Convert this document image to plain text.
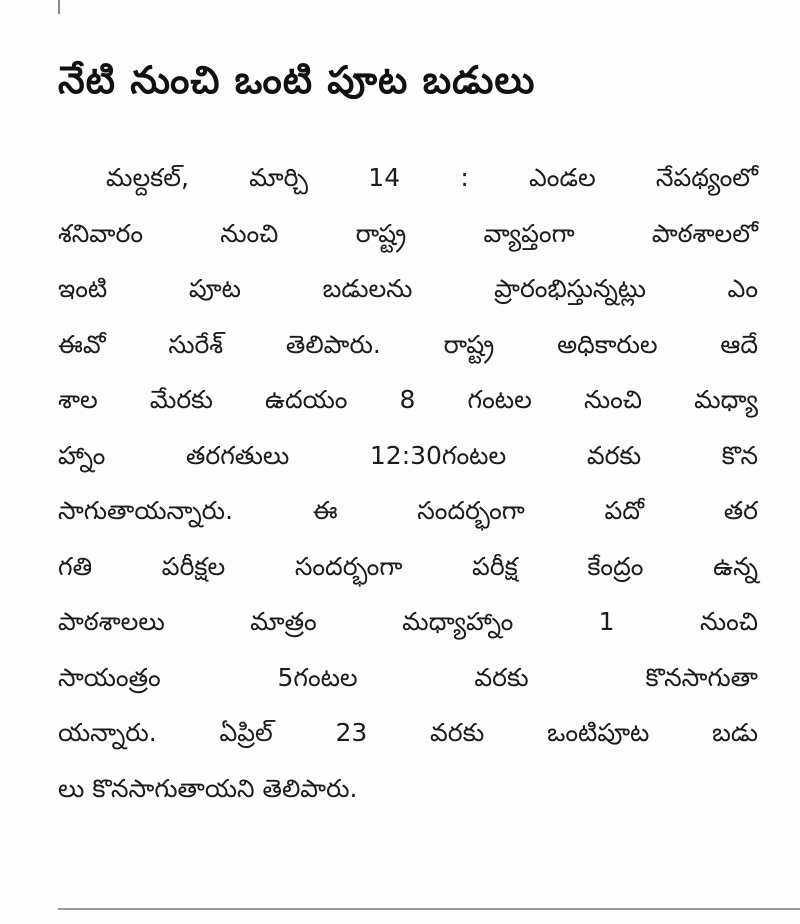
నేటి నుంచి ఒంటి పూట బడులు
మల్దకల్, మార్చి 14 : ఎండల నేపథ్యంలో
శనివారం నుంచి రాష్ట్ర వ్యాప్తంగా పాఠశాలలో
ఇంటి పూట బడులను ప్రారంభిస్తున్నట్లు ఎం
ఈవో సురేశ్ తెలిపారు. రాష్ట్ర అధికారుల ఆదే
శాల మేరకు ఉదయం 8 గంటల నుంచి మధ్యా
హ్నాం తరగతులు 12:30గంటల వరకు కొన
సాగుతాయన్నారు. ఈ సందర్భంగా పదో తర
గతి పరీక్షల సందర్భంగా పరీక్ష కేంద్రం ఉన్న
పాఠశాలలు మాత్రం మధ్యాహ్నాం 1 నుంచి
సాయంత్రం 5గంటల వరకు కొనసాగుతా
యన్నారు. ఏప్రిల్ 23 వరకు ఒంటిపూట బడు
లు కొనసాగుతాయని తెలిపారు.
